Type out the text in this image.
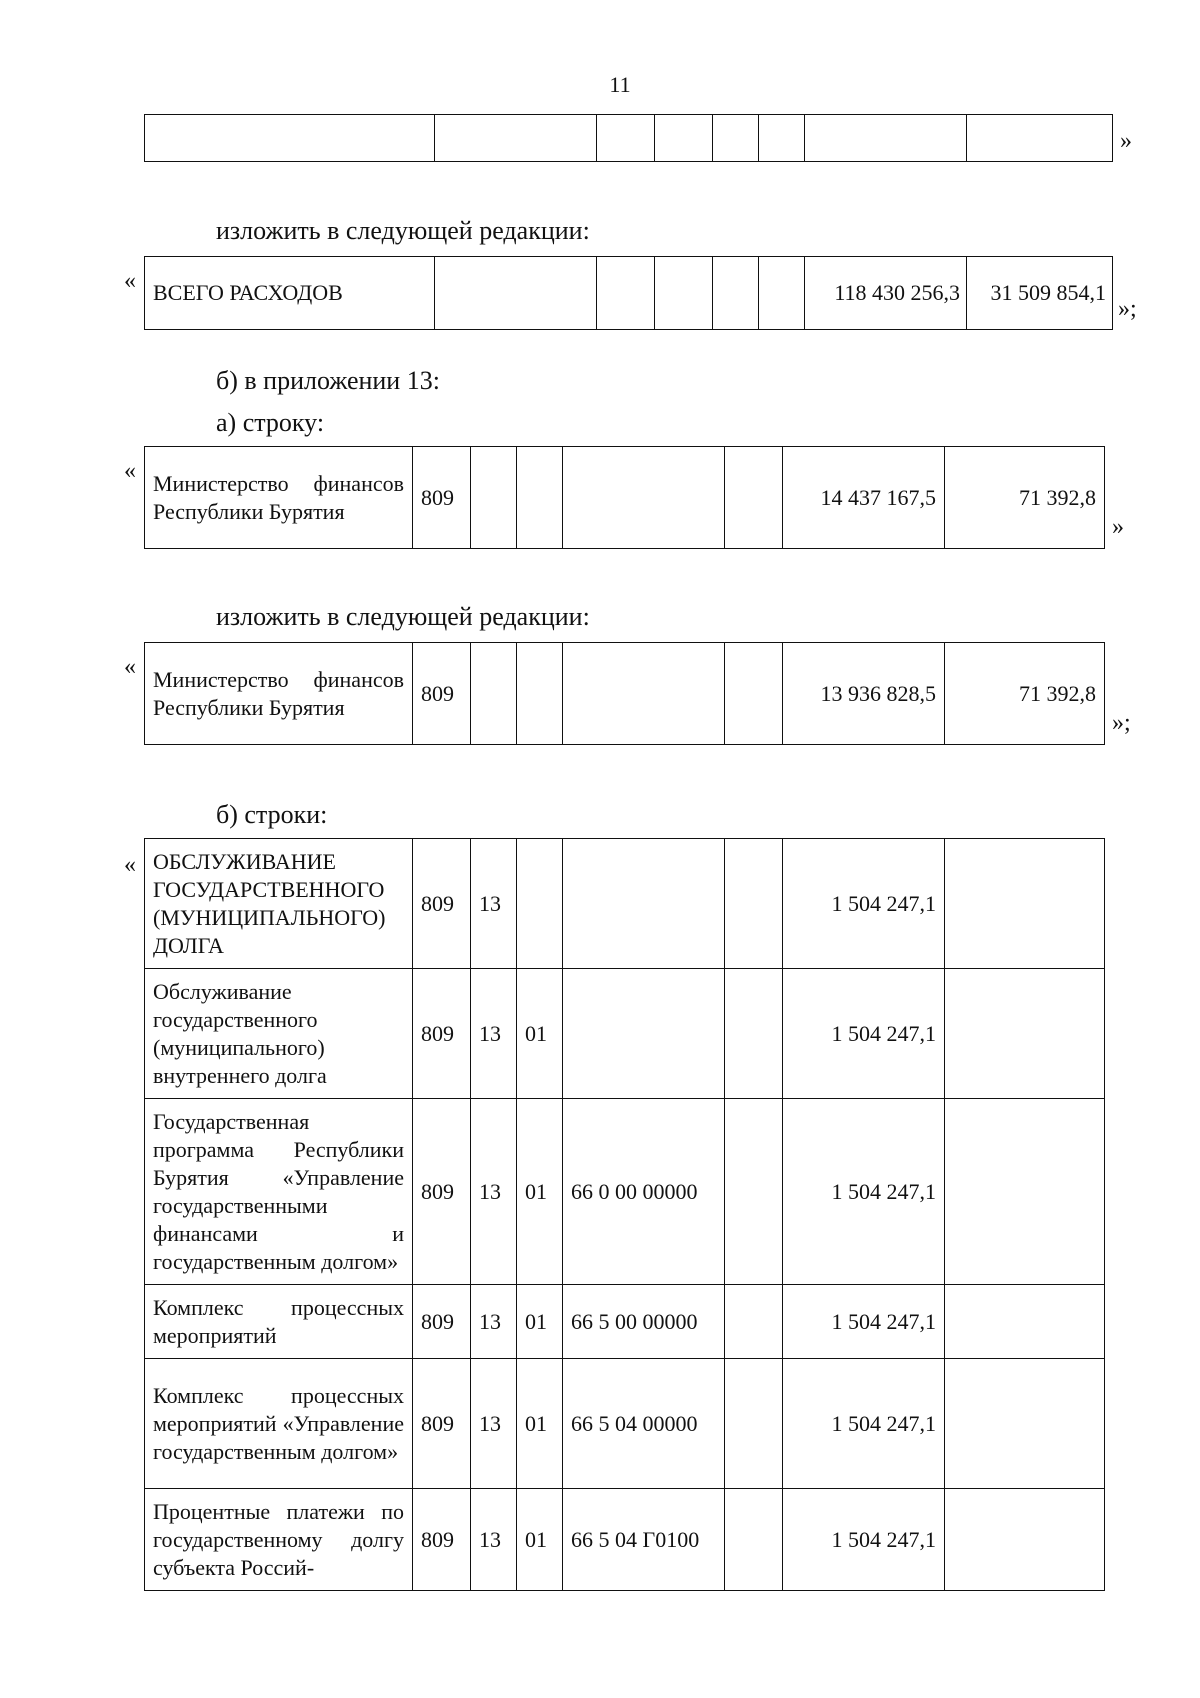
11

»
изложить в следующей редакции:
« ВСЕГО РАСХОДОВ						118 430 256,3	31 509 854,1
»;
б) в приложении 13:
а) строку:
« Министерство финансов Республики Бурятия	809					14 437 167,5	71 392,8
»
изложить в следующей редакции:
« Министерство финансов Республики Бурятия	809					13 936 828,5	71 392,8
»;
б) строки:
« ОБСЛУЖИВАНИЕ ГОСУДАРСТВЕННОГО (МУНИЦИПАЛЬНОГО) ДОЛГА	809	13				1 504 247,1	
Обслуживание государственного (муниципального) внутреннего долга	809	13	01			1 504 247,1	
Государственная программа Республики Бурятия «Управление государственными финансами и государственным долгом»	809	13	01	66 0 00 00000		1 504 247,1	
Комплекс процессных мероприятий	809	13	01	66 5 00 00000		1 504 247,1	
Комплекс процессных мероприятий «Управление государственным долгом»	809	13	01	66 5 04 00000		1 504 247,1	
Процентные платежи по государственному долгу субъекта Россий-	809	13	01	66 5 04 Г0100		1 504 247,1	
